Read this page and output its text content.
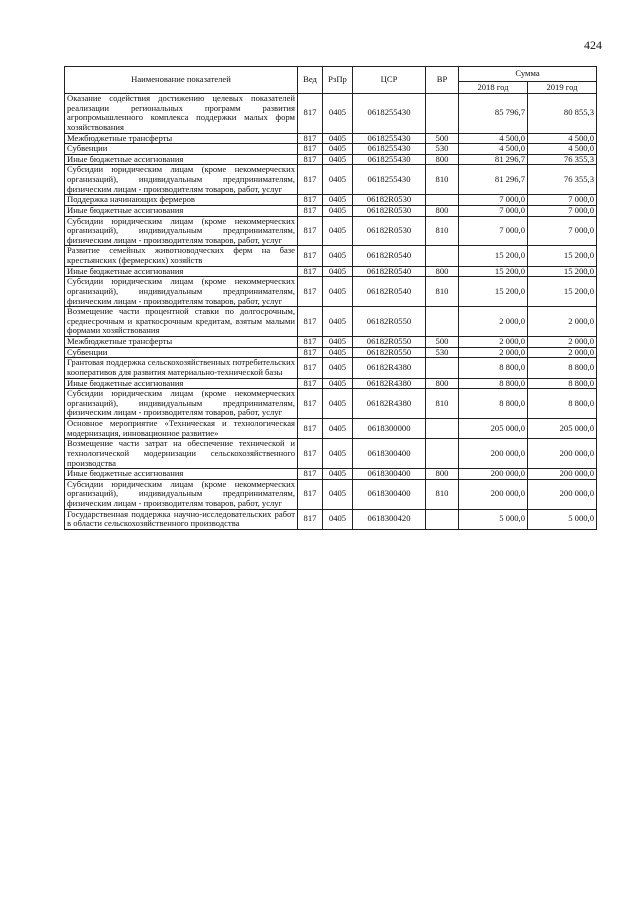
424
Наименование показателей	Вед	РзПр	ЦСР	ВР	Сумма	
					2018 год	2019 год
Оказание содействия достижению целевых показателей реализации региональных программ развития агропромышленного комплекса поддержки малых форм хозяйствования	817	0405	0618255430		85 796,7	80 855,3
Межбюджетные трансферты	817	0405	0618255430	500	4 500,0	4 500,0
Субвенции	817	0405	0618255430	530	4 500,0	4 500,0
Иные бюджетные ассигнования	817	0405	0618255430	800	81 296,7	76 355,3
Субсидии юридическим лицам (кроме некоммерческих организаций), индивидуальным предпринимателям, физическим лицам - производителям товаров, работ, услуг	817	0405	0618255430	810	81 296,7	76 355,3
Поддержка начинающих фермеров	817	0405	06182R0530		7 000,0	7 000,0
Иные бюджетные ассигнования	817	0405	06182R0530	800	7 000,0	7 000,0
Субсидии юридическим лицам (кроме некоммерческих организаций), индивидуальным предпринимателям, физическим лицам - производителям товаров, работ, услуг	817	0405	06182R0530	810	7 000,0	7 000,0
Развитие семейных животноводческих ферм на базе крестьянских (фермерских) хозяйств	817	0405	06182R0540		15 200,0	15 200,0
Иные бюджетные ассигнования	817	0405	06182R0540	800	15 200,0	15 200,0
Субсидии юридическим лицам (кроме некоммерческих организаций), индивидуальным предпринимателям, физическим лицам - производителям товаров, работ, услуг	817	0405	06182R0540	810	15 200,0	15 200,0
Возмещение части процентной ставки по долгосрочным, среднесрочным и краткосрочным кредитам, взятым малыми формами хозяйствования	817	0405	06182R0550		2 000,0	2 000,0
Межбюджетные трансферты	817	0405	06182R0550	500	2 000,0	2 000,0
Субвенции	817	0405	06182R0550	530	2 000,0	2 000,0
Грантовая поддержка сельскохозяйственных потребительских кооперативов для развития материально-технической базы	817	0405	06182R4380		8 800,0	8 800,0
Иные бюджетные ассигнования	817	0405	06182R4380	800	8 800,0	8 800,0
Субсидии юридическим лицам (кроме некоммерческих организаций), индивидуальным предпринимателям, физическим лицам - производителям товаров, работ, услуг	817	0405	06182R4380	810	8 800,0	8 800,0
Основное мероприятие «Техническая и технологическая модернизация, инновационное развитие»	817	0405	0618300000		205 000,0	205 000,0
Возмещение части затрат на обеспечение технической и технологической модернизации сельскохозяйственного производства	817	0405	0618300400		200 000,0	200 000,0
Иные бюджетные ассигнования	817	0405	0618300400	800	200 000,0	200 000,0
Субсидии юридическим лицам (кроме некоммерческих организаций), индивидуальным предпринимателям, физическим лицам - производителям товаров, работ, услуг	817	0405	0618300400	810	200 000,0	200 000,0
Государственная поддержка научно-исследовательских работ в области сельскохозяйственного производства	817	0405	0618300420		5 000,0	5 000,0
